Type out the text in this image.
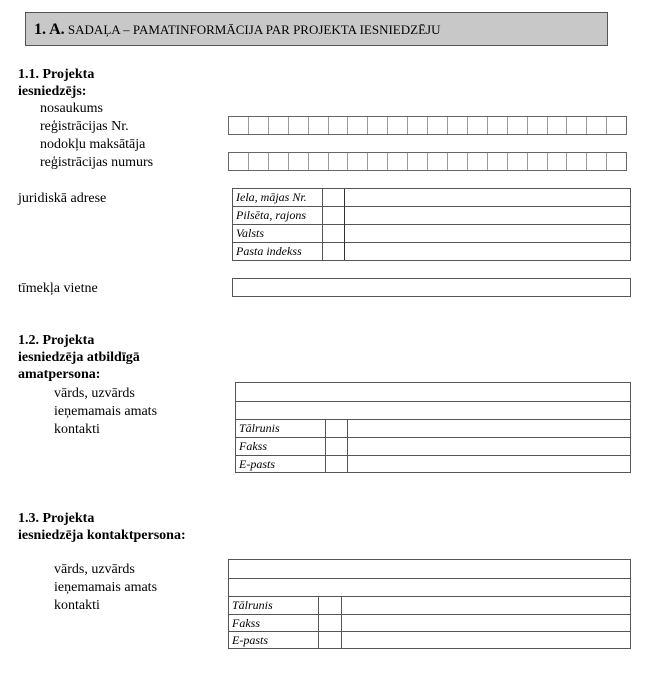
1. A. SADAĻA – PAMATINFORMĀCIJA PAR PROJEKTA IESNIEDZĒJU
1.1. Projekta
iesniedzējs:
nosaukums
reģistrācijas Nr.
nodokļu maksātāja
reģistrācijas numurs
juridiskā adrese	Iela, mājas Nr.
Pilsēta, rajons
Valsts
Pasta indekss
tīmekļa vietne
1.2. Projekta
iesniedzēja atbildīgā
amatpersona:
vārds, uzvārds
ieņemamais amats
kontakti	Tālrunis
Fakss
E-pasts
1.3. Projekta
iesniedzēja kontaktpersona:
vārds, uzvārds
ieņemamais amats
kontakti	Tālrunis
Fakss
E-pasts
